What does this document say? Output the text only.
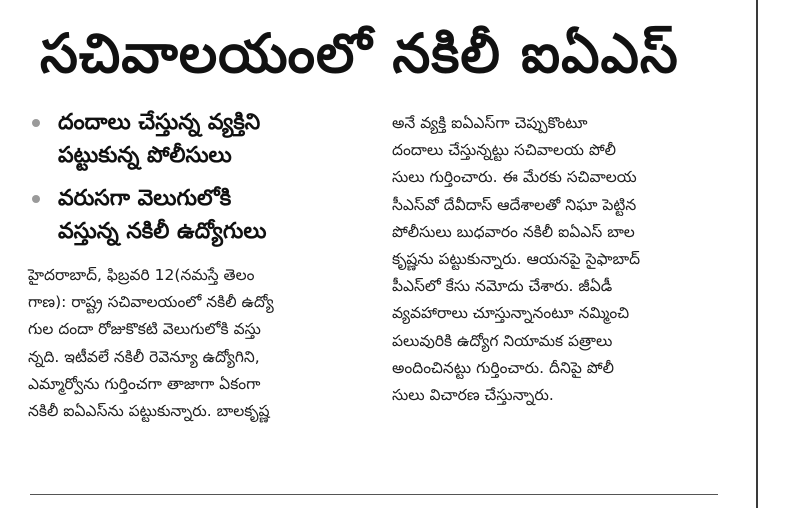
సచివాలయంలో నకిలీ ఐఏఎస్
దందాలు చేస్తున్న వ్యక్తిని
పట్టుకున్న పోలీసులు
వరుసగా వెలుగులోకి
వస్తున్న నకిలీ ఉద్యోగులు
హైదరాబాద్, ఫిబ్రవరి 12(నమస్తే తెలం
గాణ): రాష్ట్ర సచివాలయంలో నకిలీ ఉద్యో
గుల దందా రోజుకొకటి వెలుగులోకి వస్తు
న్నది. ఇటీవలే నకిలీ రెవెన్యూ ఉద్యోగిని,
ఎమ్మార్వోను గుర్తించగా తాజాగా ఏకంగా
నకిలీ ఐఏఎస్‌ను పట్టుకున్నారు. బాలకృష్ణ
అనే వ్యక్తి ఐఏఎస్‌గా చెప్పుకొంటూ
దందాలు చేస్తున్నట్టు సచివాలయ పోలీ
సులు గుర్తించారు. ఈ మేరకు సచివాలయ
సీఎస్‌వో దేవీదాస్ ఆదేశాలతో నిఘా పెట్టిన
పోలీసులు బుధవారం నకిలీ ఐఏఎస్ బాల
కృష్ణను పట్టుకున్నారు. ఆయనపై సైఫాబాద్
పీఎస్‌లో కేసు నమోదు చేశారు. జీఏడీ
వ్యవహారాలు చూస్తున్నానంటూ నమ్మించి
పలువురికి ఉద్యోగ నియామక పత్రాలు
అందించినట్టు గుర్తించారు. దీనిపై పోలీ
సులు విచారణ చేస్తున్నారు.
